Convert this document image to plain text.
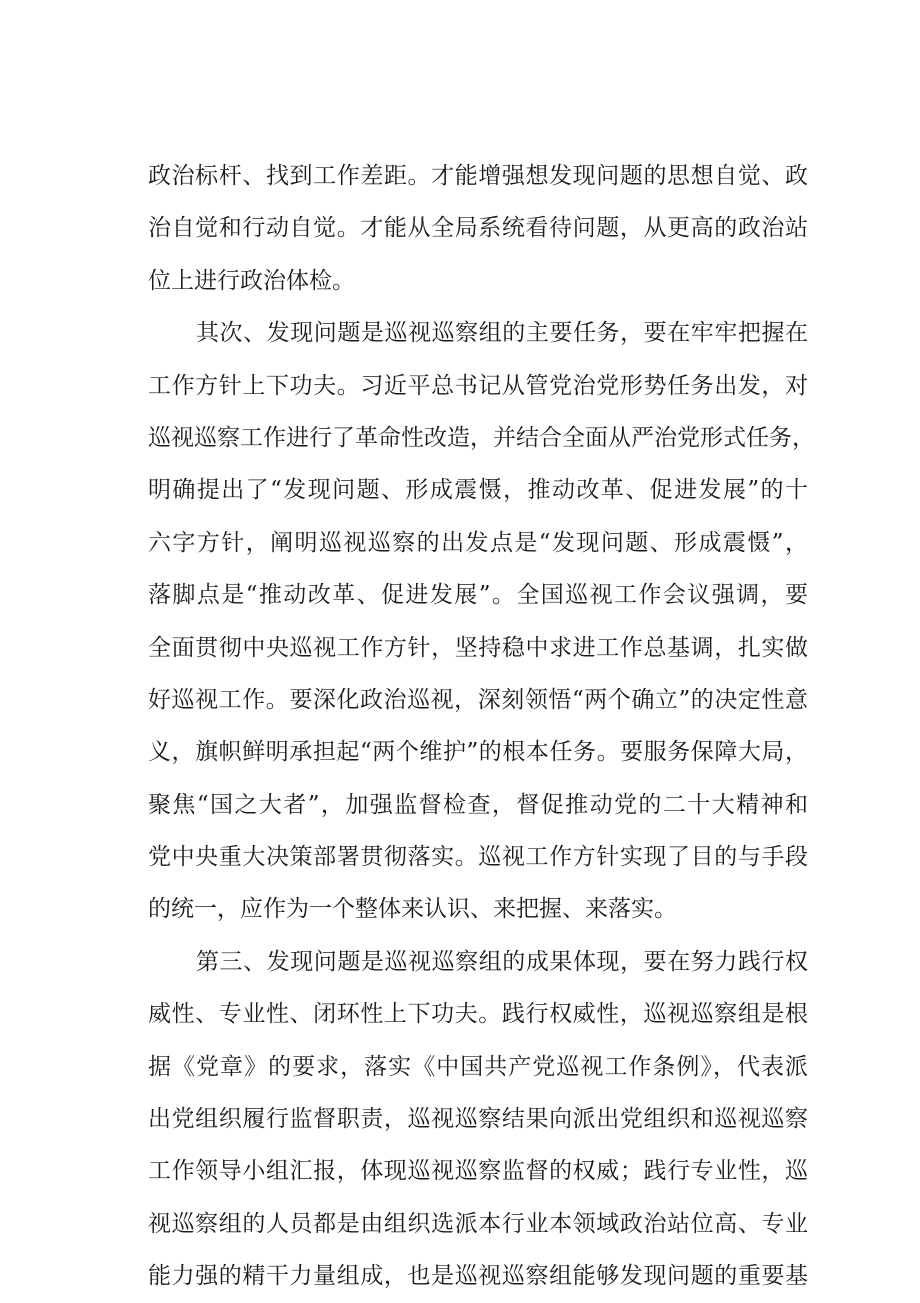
政治标杆、找到工作差距。才能增强想发现问题的思想自觉、政
治自觉和行动自觉。才能从全局系统看待问题，从更高的政治站
位上进行政治体检。
其次、发现问题是巡视巡察组的主要任务，要在牢牢把握在
工作方针上下功夫。习近平总书记从管党治党形势任务出发，对
巡视巡察工作进行了革命性改造，并结合全面从严治党形式任务，
明确提出了“发现问题、形成震慑，推动改革、促进发展”的十
六字方针，阐明巡视巡察的出发点是“发现问题、形成震慑”，
落脚点是“推动改革、促进发展”。全国巡视工作会议强调，要
全面贯彻中央巡视工作方针，坚持稳中求进工作总基调，扎实做
好巡视工作。要深化政治巡视，深刻领悟“两个确立”的决定性意
义，旗帜鲜明承担起“两个维护”的根本任务。要服务保障大局，
聚焦“国之大者”，加强监督检查，督促推动党的二十大精神和
党中央重大决策部署贯彻落实。巡视工作方针实现了目的与手段
的统一，应作为一个整体来认识、来把握、来落实。
第三、发现问题是巡视巡察组的成果体现，要在努力践行权
威性、专业性、闭环性上下功夫。践行权威性，巡视巡察组是根
据《党章》的要求，落实《中国共产党巡视工作条例》，代表派
出党组织履行监督职责，巡视巡察结果向派出党组织和巡视巡察
工作领导小组汇报，体现巡视巡察监督的权威；践行专业性，巡
视巡察组的人员都是由组织选派本行业本领域政治站位高、专业
能力强的精干力量组成，也是巡视巡察组能够发现问题的重要基
